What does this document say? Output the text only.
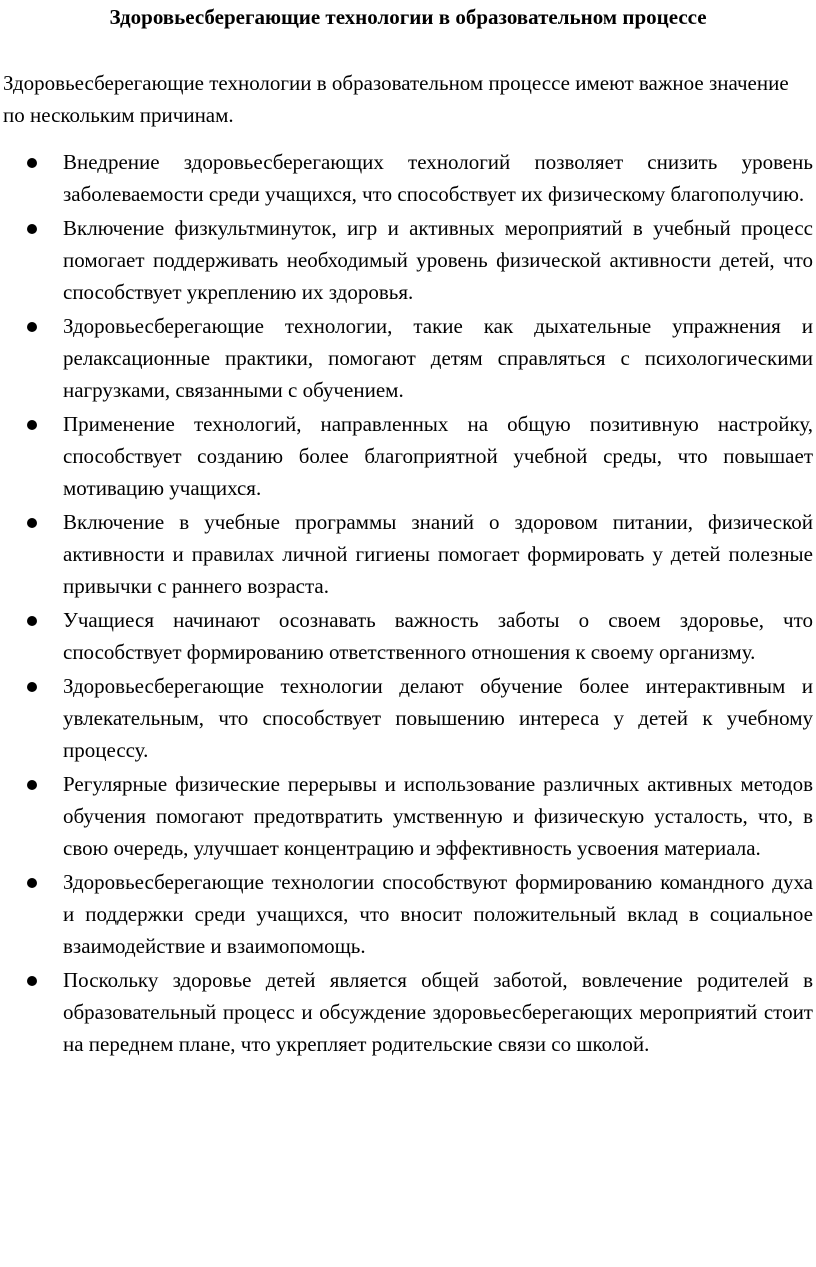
Здоровьесберегающие технологии в образовательном процессе

Здоровьесберегающие технологии в образовательном процессе имеют важное значение по нескольким причинам.

Внедрение здоровьесберегающих технологий позволяет снизить уровень заболеваемости среди учащихся, что способствует их физическому благополучию.
Включение физкультминуток, игр и активных мероприятий в учебный процесс помогает поддерживать необходимый уровень физической активности детей, что способствует укреплению их здоровья.
Здоровьесберегающие технологии, такие как дыхательные упражнения и релаксационные практики, помогают детям справляться с психологическими нагрузками, связанными с обучением.
Применение технологий, направленных на общую позитивную настройку, способствует созданию более благоприятной учебной среды, что повышает мотивацию учащихся.
Включение в учебные программы знаний о здоровом питании, физической активности и правилах личной гигиены помогает формировать у детей полезные привычки с раннего возраста.
Учащиеся начинают осознавать важность заботы о своем здоровье, что способствует формированию ответственного отношения к своему организму.
Здоровьесберегающие технологии делают обучение более интерактивным и увлекательным, что способствует повышению интереса у детей к учебному процессу.
Регулярные физические перерывы и использование различных активных методов обучения помогают предотвратить умственную и физическую усталость, что, в свою очередь, улучшает концентрацию и эффективность усвоения материала.
Здоровьесберегающие технологии способствуют формированию командного духа и поддержки среди учащихся, что вносит положительный вклад в социальное взаимодействие и взаимопомощь.
Поскольку здоровье детей является общей заботой, вовлечение родителей в образовательный процесс и обсуждение здоровьесберегающих мероприятий стоит на переднем плане, что укрепляет родительские связи со школой.
